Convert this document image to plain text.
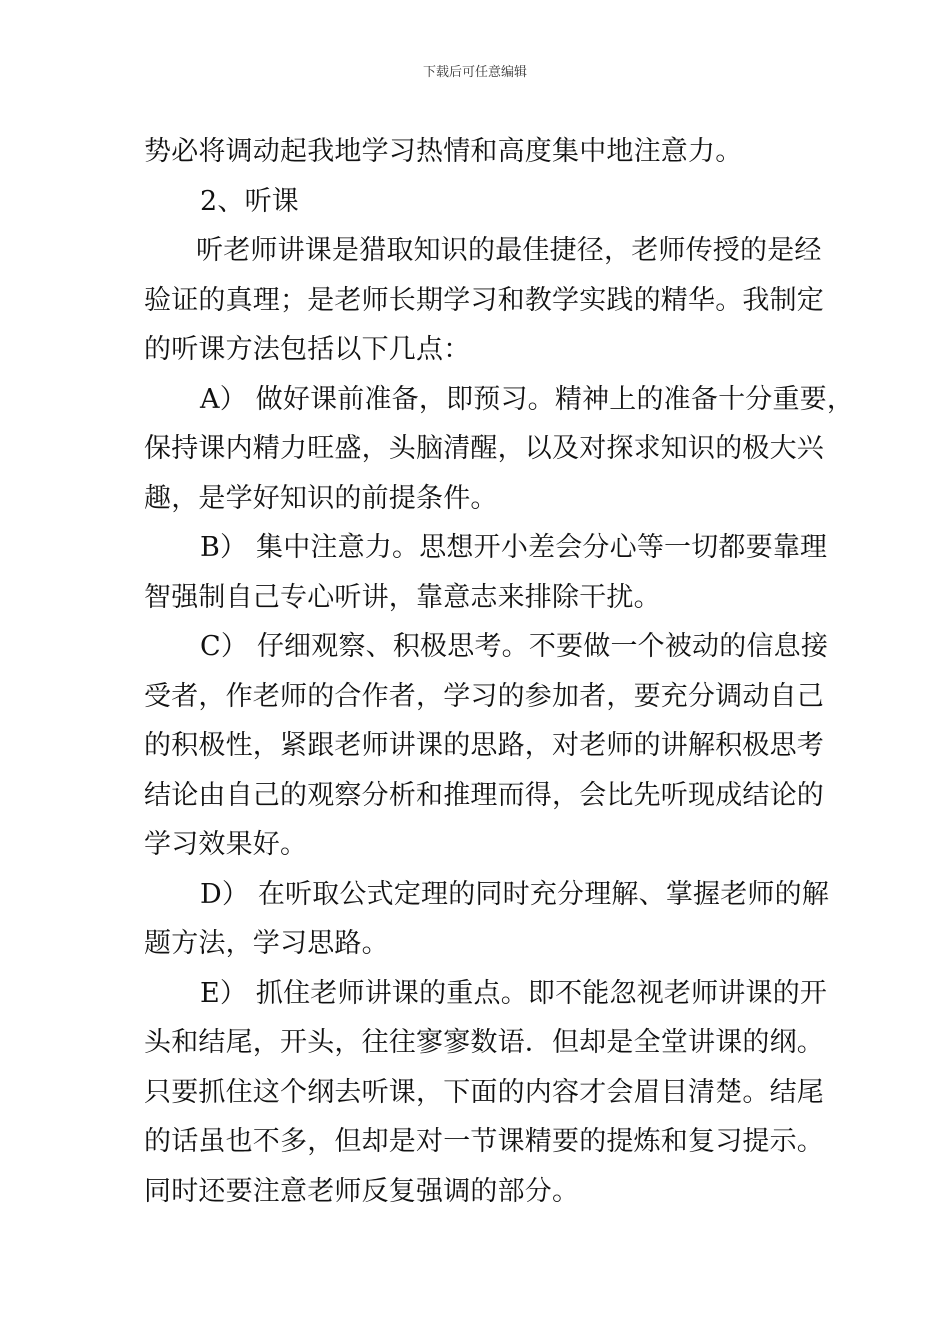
下载后可任意编辑
势必将调动起我地学习热情和高度集中地注意力。
2、听课
听老师讲课是猎取知识的最佳捷径，老师传授的是经
验证的真理；是老师长期学习和教学实践的精华。我制定
的听课方法包括以下几点：
A） 做好课前准备，即预习。精神上的准备十分重要，
保持课内精力旺盛，头脑清醒，以及对探求知识的极大兴
趣，是学好知识的前提条件。
B） 集中注意力。思想开小差会分心等一切都要靠理
智强制自己专心听讲，靠意志来排除干扰。
C） 仔细观察、积极思考。不要做一个被动的信息接
受者，作老师的合作者，学习的参加者，要充分调动自己
的积极性，紧跟老师讲课的思路，对老师的讲解积极思考
结论由自己的观察分析和推理而得，会比先听现成结论的
学习效果好。
D） 在听取公式定理的同时充分理解、掌握老师的解
题方法，学习思路。
E） 抓住老师讲课的重点。即不能忽视老师讲课的开
头和结尾，开头，往往寥寥数语．但却是全堂讲课的纲。
只要抓住这个纲去听课，下面的内容才会眉目清楚。结尾
的话虽也不多，但却是对一节课精要的提炼和复习提示。
同时还要注意老师反复强调的部分。
